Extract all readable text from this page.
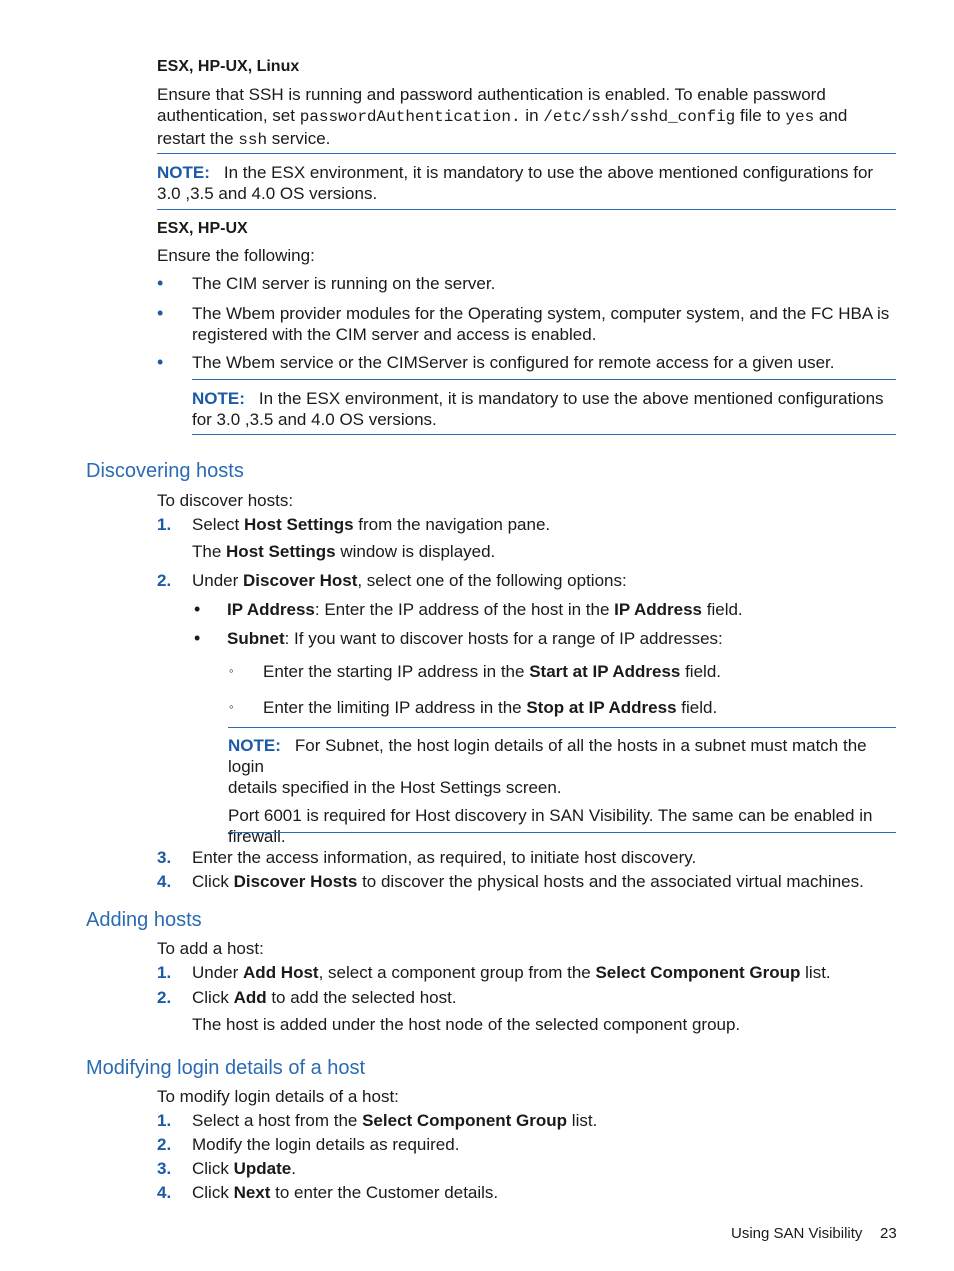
ESX, HP-UX, Linux
Ensure that SSH is running and password authentication is enabled. To enable password
authentication, set passwordAuthentication. in /etc/ssh/sshd_config file to yes and
restart the ssh service.
NOTE: In the ESX environment, it is mandatory to use the above mentioned configurations for
3.0 ,3.5 and 4.0 OS versions.
ESX, HP-UX
Ensure the following:
• The CIM server is running on the server.
• The Wbem provider modules for the Operating system, computer system, and the FC HBA is
registered with the CIM server and access is enabled.
• The Wbem service or the CIMServer is configured for remote access for a given user.
NOTE: In the ESX environment, it is mandatory to use the above mentioned configurations
for 3.0 ,3.5 and 4.0 OS versions.
Discovering hosts
To discover hosts:
1. Select Host Settings from the navigation pane.
The Host Settings window is displayed.
2. Under Discover Host, select one of the following options:
• IP Address: Enter the IP address of the host in the IP Address field.
• Subnet: If you want to discover hosts for a range of IP addresses:
◦ Enter the starting IP address in the Start at IP Address field.
◦ Enter the limiting IP address in the Stop at IP Address field.
NOTE: For Subnet, the host login details of all the hosts in a subnet must match the login
details specified in the Host Settings screen.
Port 6001 is required for Host discovery in SAN Visibility. The same can be enabled in
firewall.
3. Enter the access information, as required, to initiate host discovery.
4. Click Discover Hosts to discover the physical hosts and the associated virtual machines.
Adding hosts
To add a host:
1. Under Add Host, select a component group from the Select Component Group list.
2. Click Add to add the selected host.
The host is added under the host node of the selected component group.
Modifying login details of a host
To modify login details of a host:
1. Select a host from the Select Component Group list.
2. Modify the login details as required.
3. Click Update.
4. Click Next to enter the Customer details.
Using SAN Visibility 23
